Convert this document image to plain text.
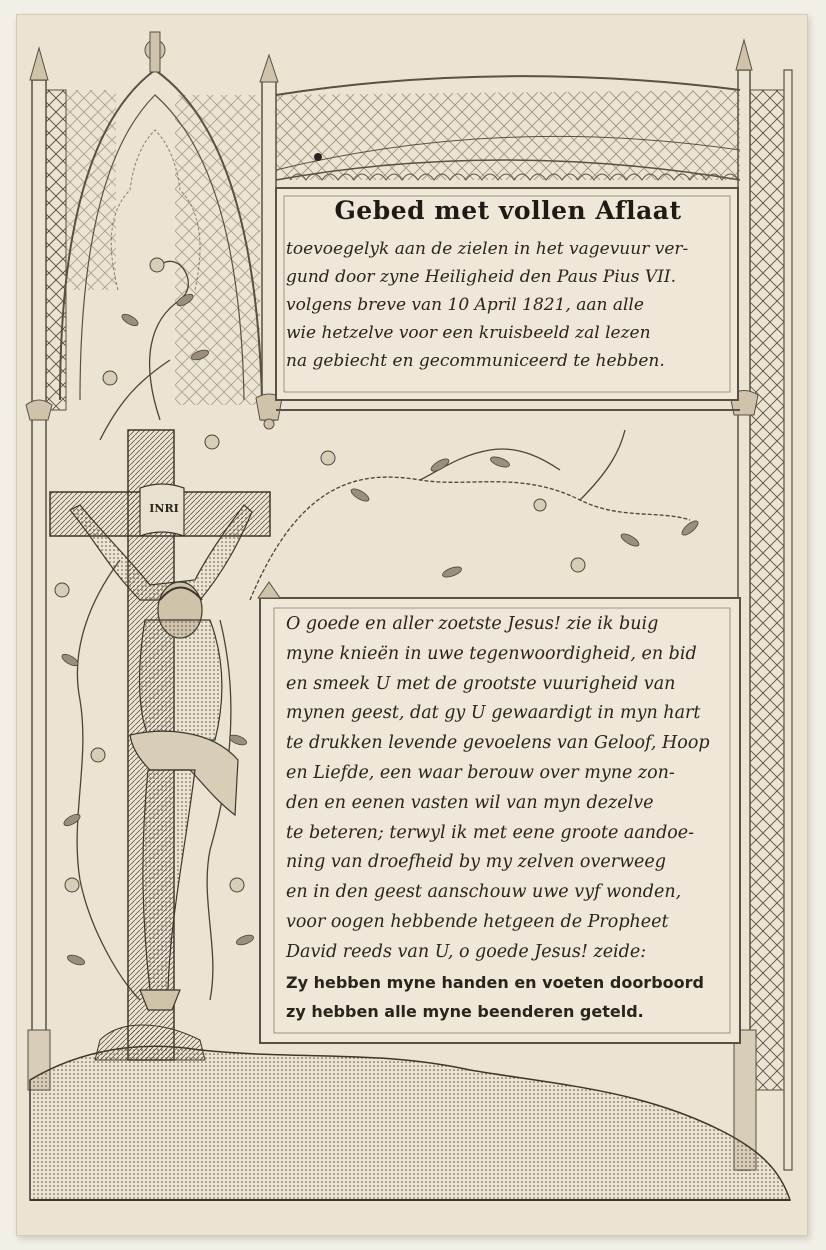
Gebed met vollen Aflaat
toevoegelyk aan de zielen in het vagevuur ver-
gund door zyne Heiligheid den Paus Pius VII.
volgens breve van 10 April 1821, aan alle
wie hetzelve voor een kruisbeeld zal lezen
na gebiecht en gecommuniceerd te hebben.
INRI
O goede en aller zoetste Jesus! zie ik buig
myne knieën in uwe tegenwoordigheid, en bid
en smeek U met de grootste vuurigheid van
mynen geest, dat gy U gewaardigt in myn hart
te drukken levende gevoelens van Geloof, Hoop
en Liefde, een waar berouw over myne zon-
den en eenen vasten wil van myn dezelve
te beteren; terwyl ik met eene groote aandoe-
ning van droefheid by my zelven overweeg
en in den geest aanschouw uwe vyf wonden,
voor oogen hebbende hetgeen de Propheet
David reeds van U, o goede Jesus! zeide:
Zy hebben myne handen en voeten doorboord
zy hebben alle myne beenderen geteld.
